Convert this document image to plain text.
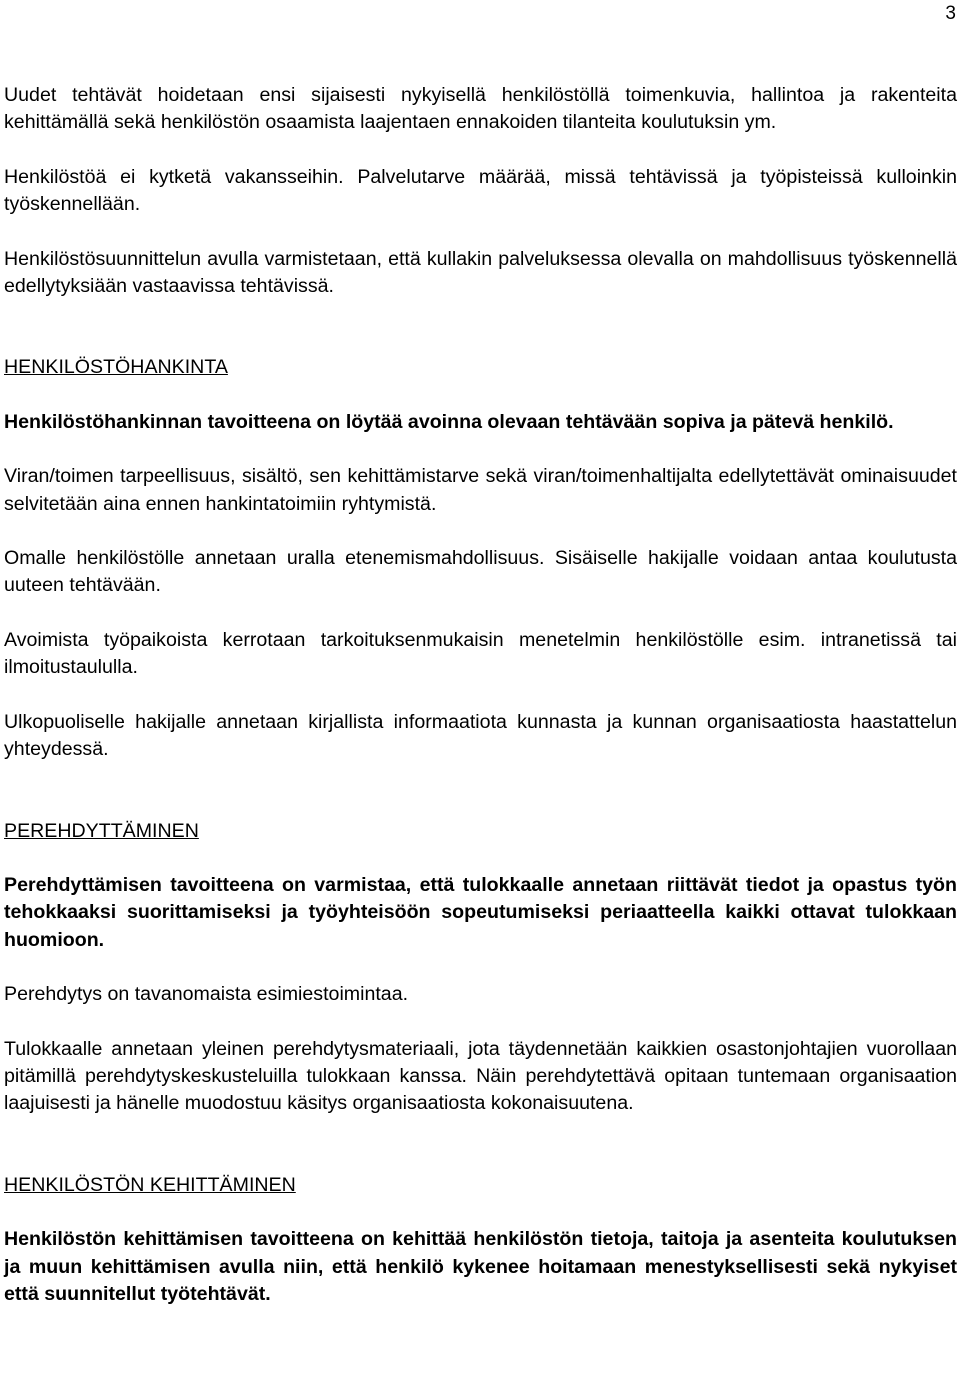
3

Uudet tehtävät hoidetaan ensi sijaisesti nykyisellä henkilöstöllä toimenkuvia, hallintoa ja rakenteita kehittämällä sekä henkilöstön osaamista laajentaen ennakoiden tilanteita koulutuksin ym.

Henkilöstöä ei kytketä vakansseihin. Palvelutarve määrää, missä tehtävissä ja työpisteissä kulloinkin työskennellään.

Henkilöstösuunnittelun avulla varmistetaan, että kullakin palveluksessa olevalla on mahdollisuus työskennellä edellytyksiään vastaavissa tehtävissä.

HENKILÖSTÖHANKINTA

Henkilöstöhankinnan tavoitteena on löytää avoinna olevaan tehtävään sopiva ja pätevä henkilö.

Viran/toimen tarpeellisuus, sisältö, sen kehittämistarve sekä viran/toimenhaltijalta edellytettävät ominaisuudet selvitetään aina ennen hankintatoimiin ryhtymistä.

Omalle henkilöstölle annetaan uralla etenemismahdollisuus. Sisäiselle hakijalle voidaan antaa koulutusta uuteen tehtävään.

Avoimista työpaikoista kerrotaan tarkoituksenmukaisin menetelmin henkilöstölle esim. intranetissä tai ilmoitustaululla.

Ulkopuoliselle hakijalle annetaan kirjallista informaatiota kunnasta ja kunnan organisaatiosta haastattelun yhteydessä.

PEREHDYTTÄMINEN

Perehdyttämisen tavoitteena on varmistaa, että tulokkaalle annetaan riittävät tiedot ja opastus työn tehokkaaksi suorittamiseksi ja työyhteisöön sopeutumiseksi periaatteella kaikki ottavat tulokkaan huomioon.

Perehdytys on tavanomaista esimiestoimintaa.

Tulokkaalle annetaan yleinen perehdytysmateriaali, jota täydennetään kaikkien osastonjohtajien vuorollaan pitämillä perehdytyskeskusteluilla tulokkaan kanssa. Näin perehdytettävä opitaan tuntemaan organisaation laajuisesti ja hänelle muodostuu käsitys organisaatiosta kokonaisuutena.

HENKILÖSTÖN KEHITTÄMINEN

Henkilöstön kehittämisen tavoitteena on kehittää henkilöstön tietoja, taitoja ja asenteita koulutuksen ja muun kehittämisen avulla niin, että henkilö kykenee hoitamaan menestyksellisesti sekä nykyiset että suunnitellut työtehtävät.
